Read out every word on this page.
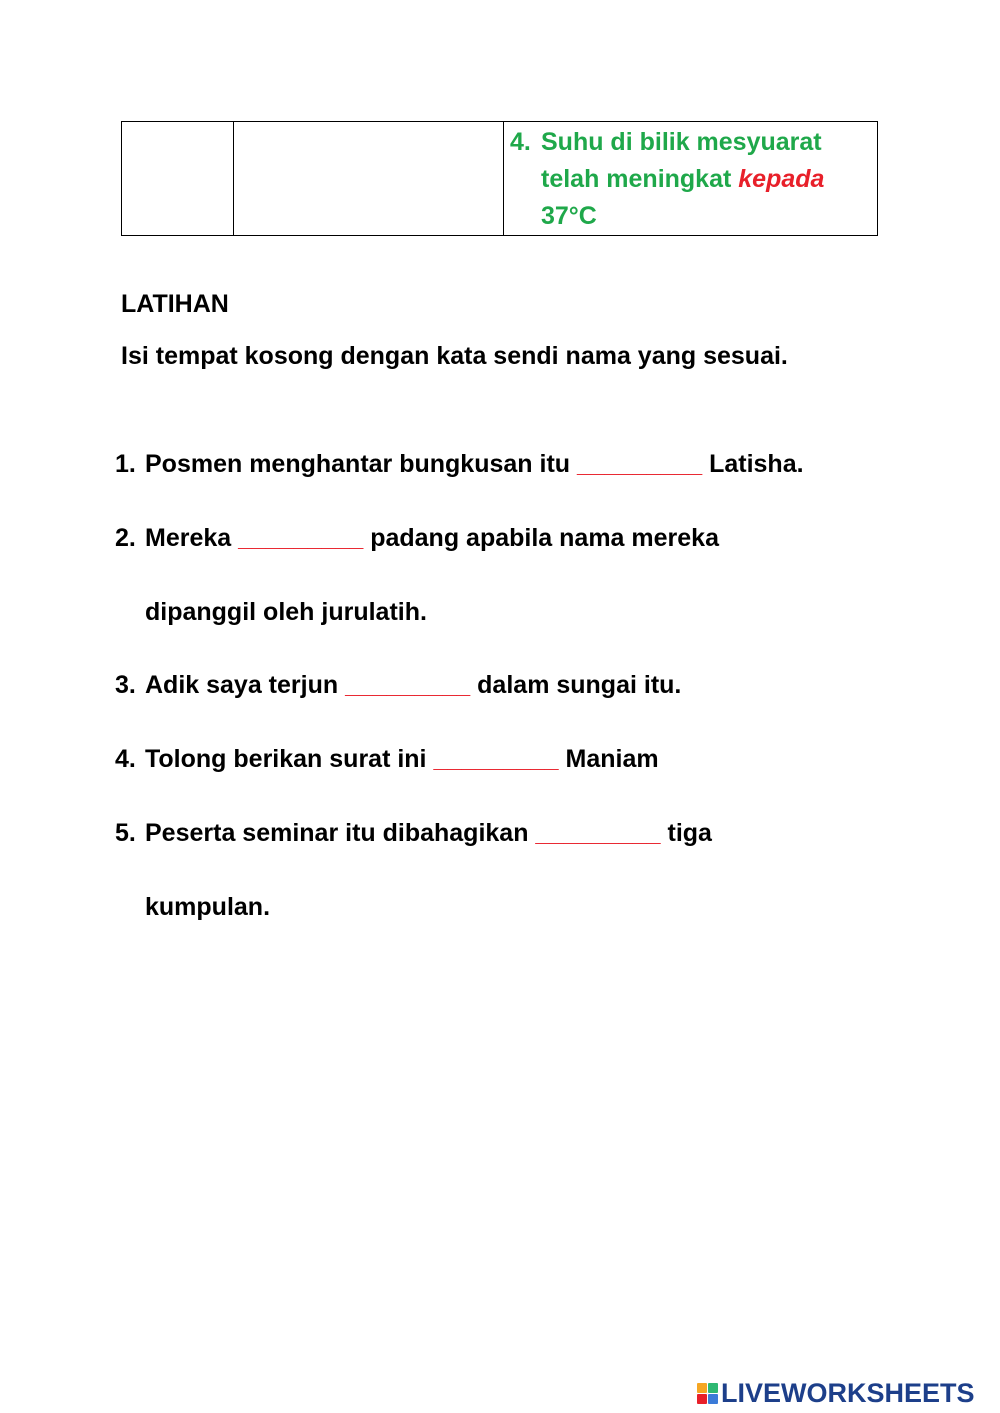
4. Suhu di bilik mesyuarat
telah meningkat kepada
37°C

LATIHAN

Isi tempat kosong dengan kata sendi nama yang sesuai.

1. Posmen menghantar bungkusan itu _________ Latisha.
2. Mereka _________ padang apabila nama mereka
dipanggil oleh jurulatih.
3. Adik saya terjun _________ dalam sungai itu.
4. Tolong berikan surat ini _________ Maniam
5. Peserta seminar itu dibahagikan _________ tiga
kumpulan.
LIVEWORKSHEETS
